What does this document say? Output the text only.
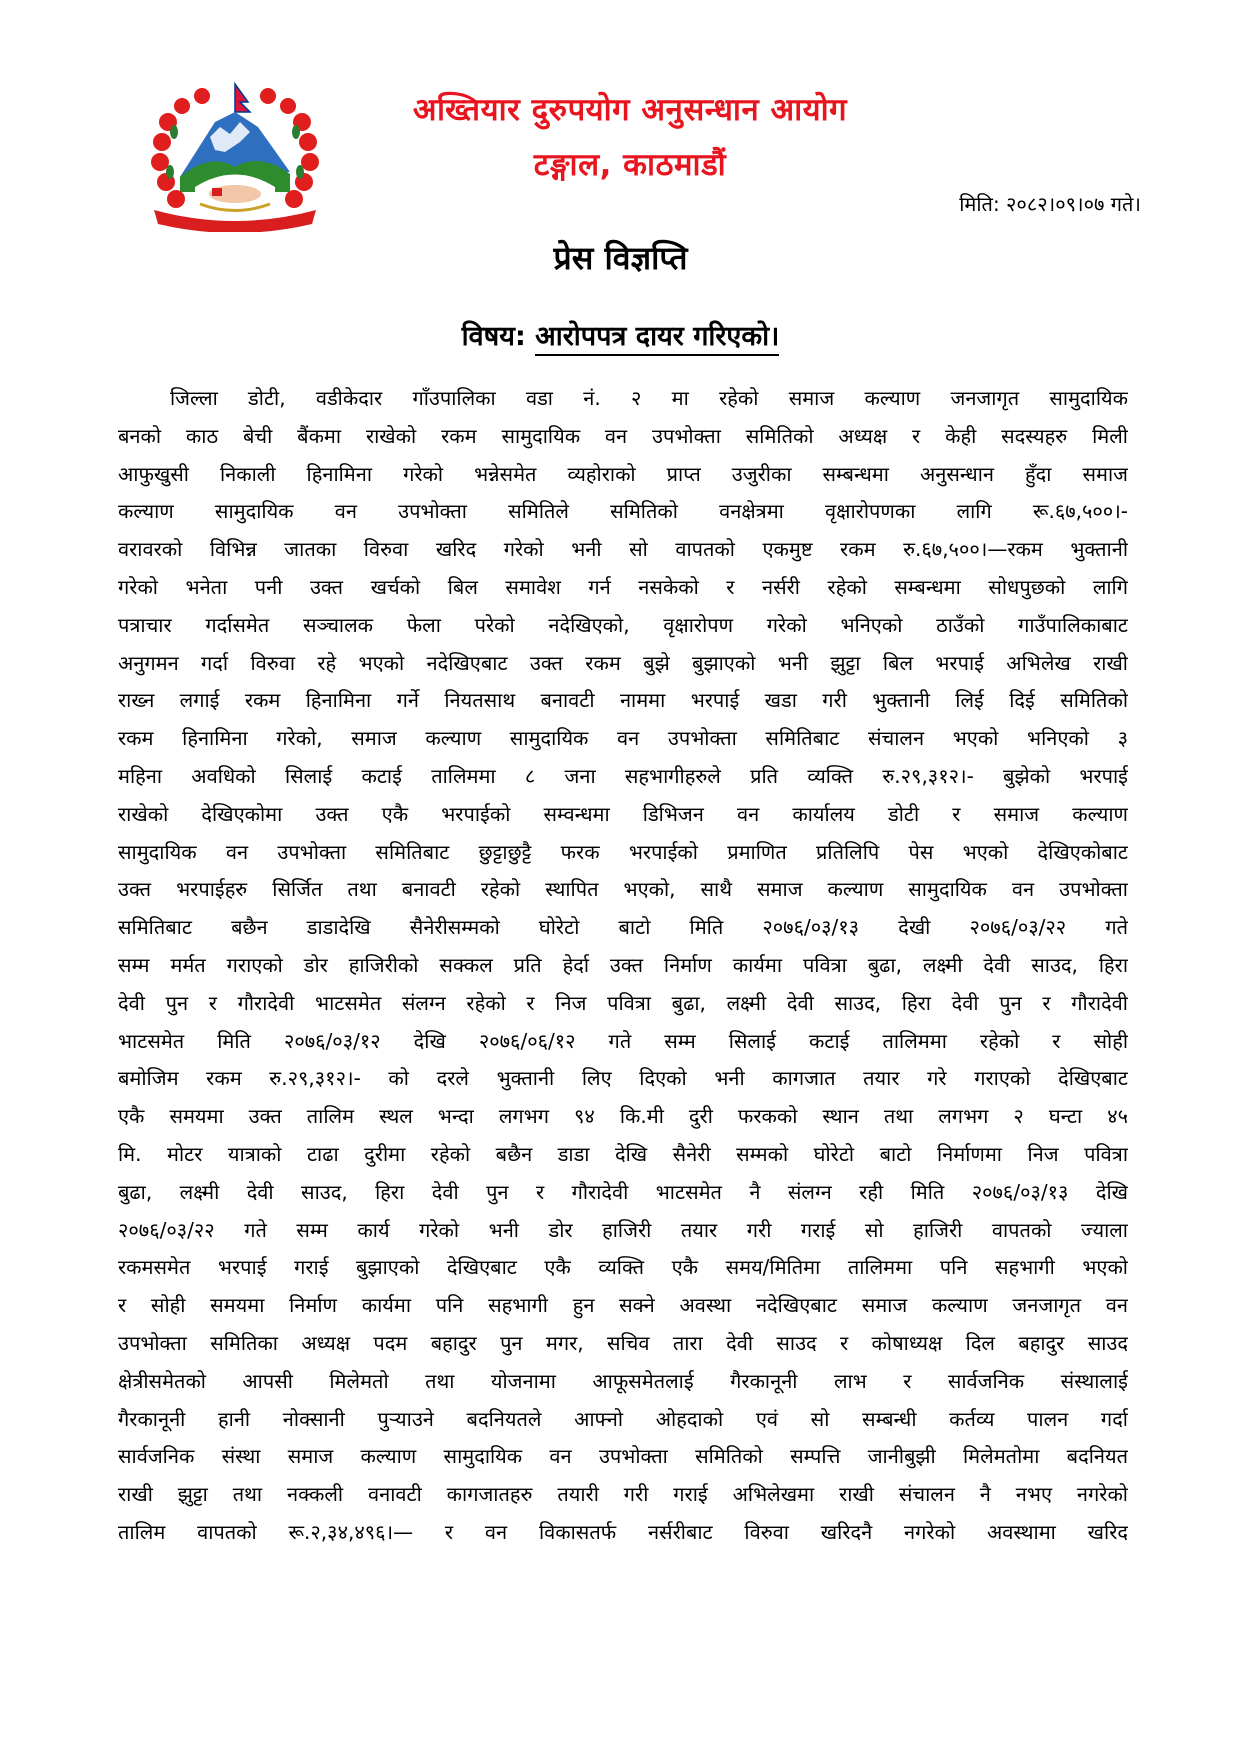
अख्तियार दुरुपयोग अनुसन्धान आयोग
टङ्गाल, काठमाडौं
मिति: २०८२।०९।०७ गते।
प्रेस विज्ञप्ति
विषय: आरोपपत्र दायर गरिएको।
जिल्ला डोटी, वडीकेदार गाँउपालिका वडा नं. २ मा रहेको समाज कल्याण जनजागृत सामुदायिक
बनको काठ बेची बैंकमा राखेको रकम सामुदायिक वन उपभोक्ता समितिको अध्यक्ष र केही सदस्यहरु मिली
आफुखुसी निकाली हिनामिना गरेको भन्नेसमेत व्यहोराको प्राप्त उजुरीका सम्बन्धमा अनुसन्धान हुँदा समाज
कल्याण सामुदायिक वन उपभोक्ता समितिले समितिको वनक्षेत्रमा वृक्षारोपणका लागि रू.६७,५००।-
वरावरको विभिन्न जातका विरुवा खरिद गरेको भनी सो वापतको एकमुष्ट रकम रु.६७,५००।—रकम भुक्तानी
गरेको भनेता पनी उक्त खर्चको बिल समावेश गर्न नसकेको र नर्सरी रहेको सम्बन्धमा सोधपुछको लागि
पत्राचार गर्दासमेत सञ्चालक फेला परेको नदेखिएको, वृक्षारोपण गरेको भनिएको ठाउँको गाउँपालिकाबाट
अनुगमन गर्दा विरुवा रहे भएको नदेखिएबाट उक्त रकम बुझे बुझाएको भनी झुट्टा बिल भरपाई अभिलेख राखी
राख्न लगाई रकम हिनामिना गर्ने नियतसाथ बनावटी नाममा भरपाई खडा गरी भुक्तानी लिई दिई समितिको
रकम हिनामिना गरेको, समाज कल्याण सामुदायिक वन उपभोक्ता समितिबाट संचालन भएको भनिएको ३
महिना अवधिको सिलाई कटाई तालिममा ८ जना सहभागीहरुले प्रति व्यक्ति रु.२९,३१२।- बुझेको भरपाई
राखेको देखिएकोमा उक्त एकै भरपाईको सम्वन्धमा डिभिजन वन कार्यालय डोटी र समाज कल्याण
सामुदायिक वन उपभोक्ता समितिबाट छुट्टाछुट्टै फरक भरपाईको प्रमाणित प्रतिलिपि पेस भएको देखिएकोबाट
उक्त भरपाईहरु सिर्जित तथा बनावटी रहेको स्थापित भएको, साथै समाज कल्याण सामुदायिक वन उपभोक्ता
समितिबाट बछैन डाडादेखि सैनेरीसम्मको घोरेटो बाटो मिति २०७६/०३/१३ देखी २०७६/०३/२२ गते
सम्म मर्मत गराएको डोर हाजिरीको सक्कल प्रति हेर्दा उक्त निर्माण कार्यमा पवित्रा बुढा, लक्ष्मी देवी साउद, हिरा
देवी पुन र गौरादेवी भाटसमेत संलग्न रहेको र निज पवित्रा बुढा, लक्ष्मी देवी साउद, हिरा देवी पुन र गौरादेवी
भाटसमेत मिति २०७६/०३/१२ देखि २०७६/०६/१२ गते सम्म सिलाई कटाई तालिममा रहेको र सोही
बमोजिम रकम रु.२९,३१२।- को दरले भुक्तानी लिए दिएको भनी कागजात तयार गरे गराएको देखिएबाट
एकै समयमा उक्त तालिम स्थल भन्दा लगभग ९४ कि.मी दुरी फरकको स्थान तथा लगभग २ घन्टा ४५
मि. मोटर यात्राको टाढा दुरीमा रहेको बछैन डाडा देखि सैनेरी सम्मको घोरेटो बाटो निर्माणमा निज पवित्रा
बुढा, लक्ष्मी देवी साउद, हिरा देवी पुन र गौरादेवी भाटसमेत नै संलग्न रही मिति २०७६/०३/१३ देखि
२०७६/०३/२२ गते सम्म कार्य गरेको भनी डोर हाजिरी तयार गरी गराई सो हाजिरी वापतको ज्याला
रकमसमेत भरपाई गराई बुझाएको देखिएबाट एकै व्यक्ति एकै समय/मितिमा तालिममा पनि सहभागी भएको
र सोही समयमा निर्माण कार्यमा पनि सहभागी हुन सक्ने अवस्था नदेखिएबाट समाज कल्याण जनजागृत वन
उपभोक्ता समितिका अध्यक्ष पदम बहादुर पुन मगर, सचिव तारा देवी साउद र कोषाध्यक्ष दिल बहादुर साउद
क्षेत्रीसमेतको आपसी मिलेमतो तथा योजनामा आफूसमेतलाई गैरकानूनी लाभ र सार्वजनिक संस्थालाई
गैरकानूनी हानी नोक्सानी पुऱ्याउने बदनियतले आफ्नो ओहदाको एवं सो सम्बन्धी कर्तव्य पालन गर्दा
सार्वजनिक संस्था समाज कल्याण सामुदायिक वन उपभोक्ता समितिको सम्पत्ति जानीबुझी मिलेमतोमा बदनियत
राखी झुट्टा तथा नक्कली वनावटी कागजातहरु तयारी गरी गराई अभिलेखमा राखी संचालन नै नभए नगरेको
तालिम वापतको रू.२,३४,४९६।— र वन विकासतर्फ नर्सरीबाट विरुवा खरिदनै नगरेको अवस्थामा खरिद
